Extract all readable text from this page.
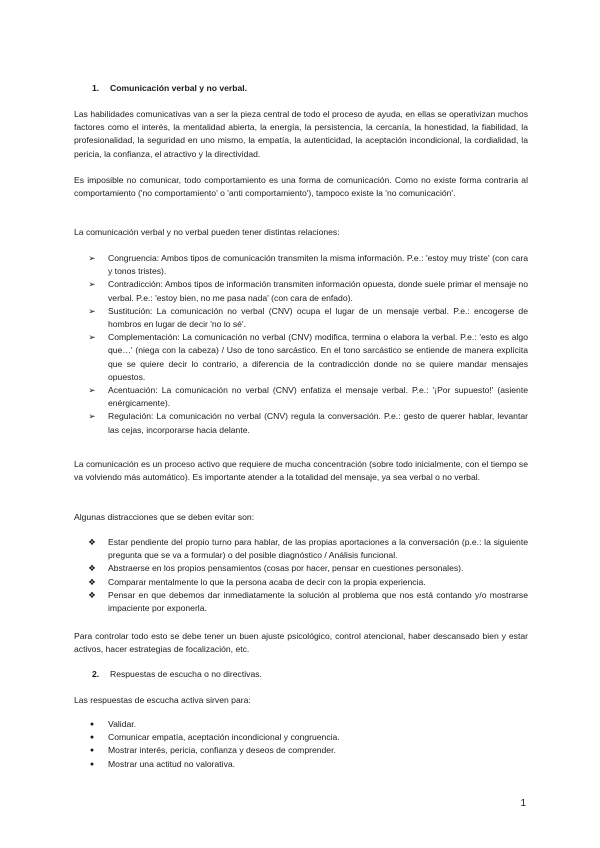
1. Comunicación verbal y no verbal.

Las habilidades comunicativas van a ser la pieza central de todo el proceso de ayuda, en ellas se operativizan muchos factores como el interés, la mentalidad abierta, la energía, la persistencia, la cercanía, la honestidad, la fiabilidad, la profesionalidad, la seguridad en uno mismo, la empatía, la autenticidad, la aceptación incondicional, la cordialidad, la pericia, la confianza, el atractivo y la directividad.

Es imposible no comunicar, todo comportamiento es una forma de comunicación. Como no existe forma contraria al comportamiento ('no comportamiento' o 'anti comportamiento'), tampoco existe la 'no comunicación'.

La comunicación verbal y no verbal pueden tener distintas relaciones:

➢ Congruencia: Ambos tipos de comunicación transmiten la misma información. P.e.: 'estoy muy triste' (con cara y tonos tristes).
➢ Contradicción: Ambos tipos de información transmiten información opuesta, donde suele primar el mensaje no verbal. P.e.: 'estoy bien, no me pasa nada' (con cara de enfado).
➢ Sustitución: La comunicación no verbal (CNV) ocupa el lugar de un mensaje verbal. P.e.: encogerse de hombros en lugar de decir 'no lo sé'.
➢ Complementación: La comunicación no verbal (CNV) modifica, termina o elabora la verbal. P.e.: 'esto es algo que…' (niega con la cabeza) / Uso de tono sarcástico. En el tono sarcástico se entiende de manera explícita que se quiere decir lo contrario, a diferencia de la contradicción donde no se quiere mandar mensajes opuestos.
➢ Acentuación: La comunicación no verbal (CNV) enfatiza el mensaje verbal. P.e.: '¡Por supuesto!' (asiente enérgicamente).
➢ Regulación: La comunicación no verbal (CNV) regula la conversación. P.e.: gesto de querer hablar, levantar las cejas, incorporarse hacia delante.

La comunicación es un proceso activo que requiere de mucha concentración (sobre todo inicialmente, con el tiempo se va volviendo más automático). Es importante atender a la totalidad del mensaje, ya sea verbal o no verbal.

Algunas distracciones que se deben evitar son:

❖ Estar pendiente del propio turno para hablar, de las propias aportaciones a la conversación (p.e.: la siguiente pregunta que se va a formular) o del posible diagnóstico / Análisis funcional.
❖ Abstraerse en los propios pensamientos (cosas por hacer, pensar en cuestiones personales).
❖ Comparar mentalmente lo que la persona acaba de decir con la propia experiencia.
❖ Pensar en que debemos dar inmediatamente la solución al problema que nos está contando y/o mostrarse impaciente por exponerla.

Para controlar todo esto se debe tener un buen ajuste psicológico, control atencional, haber descansado bien y estar activos, hacer estrategias de focalización, etc.

2. Respuestas de escucha o no directivas.

Las respuestas de escucha activa sirven para:

●	Validar.
●	Comunicar empatía, aceptación incondicional y congruencia.
●	Mostrar interés, pericia, confianza y deseos de comprender.
●	Mostrar una actitud no valorativa.
1
